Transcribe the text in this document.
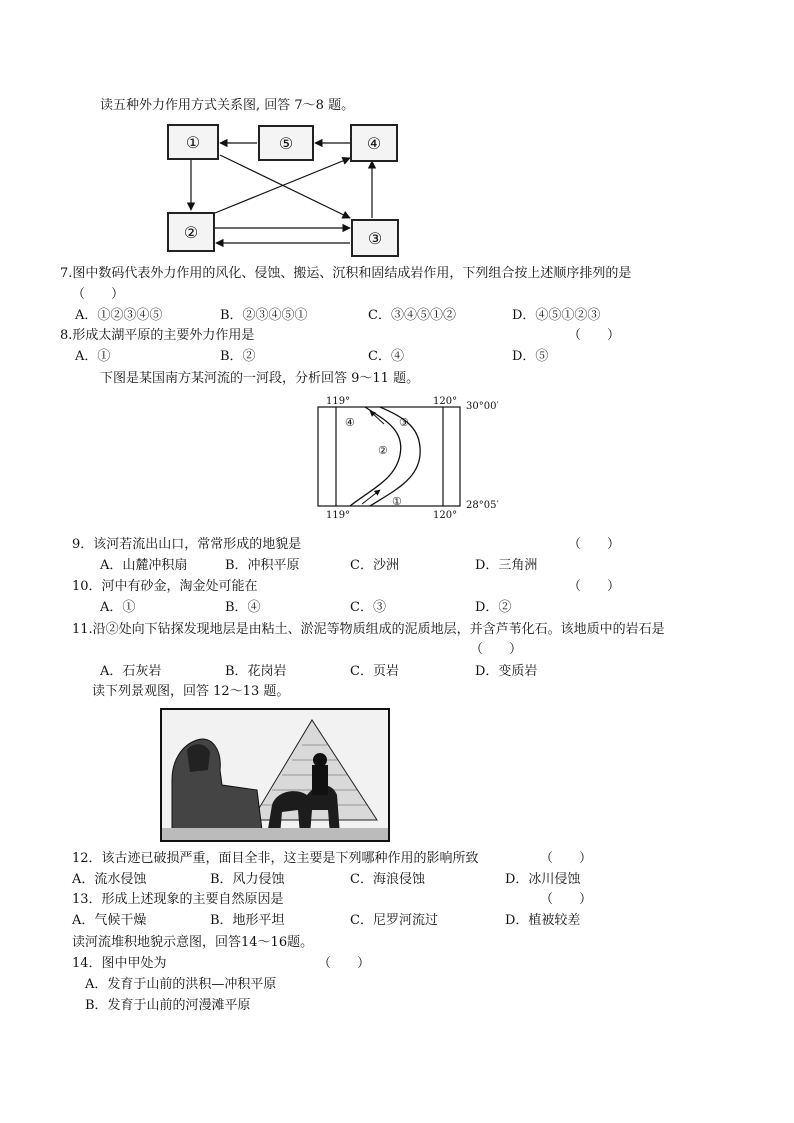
读五种外力作用方式关系图, 回答 7～8 题。
①	⑤	④
②	③
7.图中数码代表外力作用的风化、侵蚀、搬运、沉积和固结成岩作用，下列组合按上述顺序排列的是
（　　）
A．①②③④⑤	B．②③④⑤①	C．③④⑤①②	D．④⑤①②③
8.形成太湖平原的主要外力作用是	（　　）
A．①	B．②	C．④	D．⑤
下图是某国南方某河流的一河段，分析回答 9～11 题。
119°	120° 30°00′
119°	120°
28°05′
④	③
②
①
9．该河若流出山口，常常形成的地貌是	（　　）
A．山麓冲积扇	B．冲积平原	C．沙洲	D．三角洲
10．河中有砂金，淘金处可能在	（　　）
A．①	B．④	C．③	D．②
11.沿②处向下钻探发现地层是由粘土、淤泥等物质组成的泥质地层，并含芦苇化石。该地质中的岩石是
（　　）
A．石灰岩	B．花岗岩	C．页岩	D．变质岩
读下列景观图，回答 12～13 题。
12．该古迹已破损严重，面目全非，这主要是下列哪种作用的影响所致	（　　）
A．流水侵蚀	B．风力侵蚀	C．海浪侵蚀	D．冰川侵蚀
13．形成上述现象的主要自然原因是	（　　）
A．气候干燥	B．地形平坦	C．尼罗河流过	D．植被较差
读河流堆积地貌示意图，回答14～16题。
14．图中甲处为	（　　）
A．发育于山前的洪积—冲积平原
B．发育于山前的河漫滩平原
